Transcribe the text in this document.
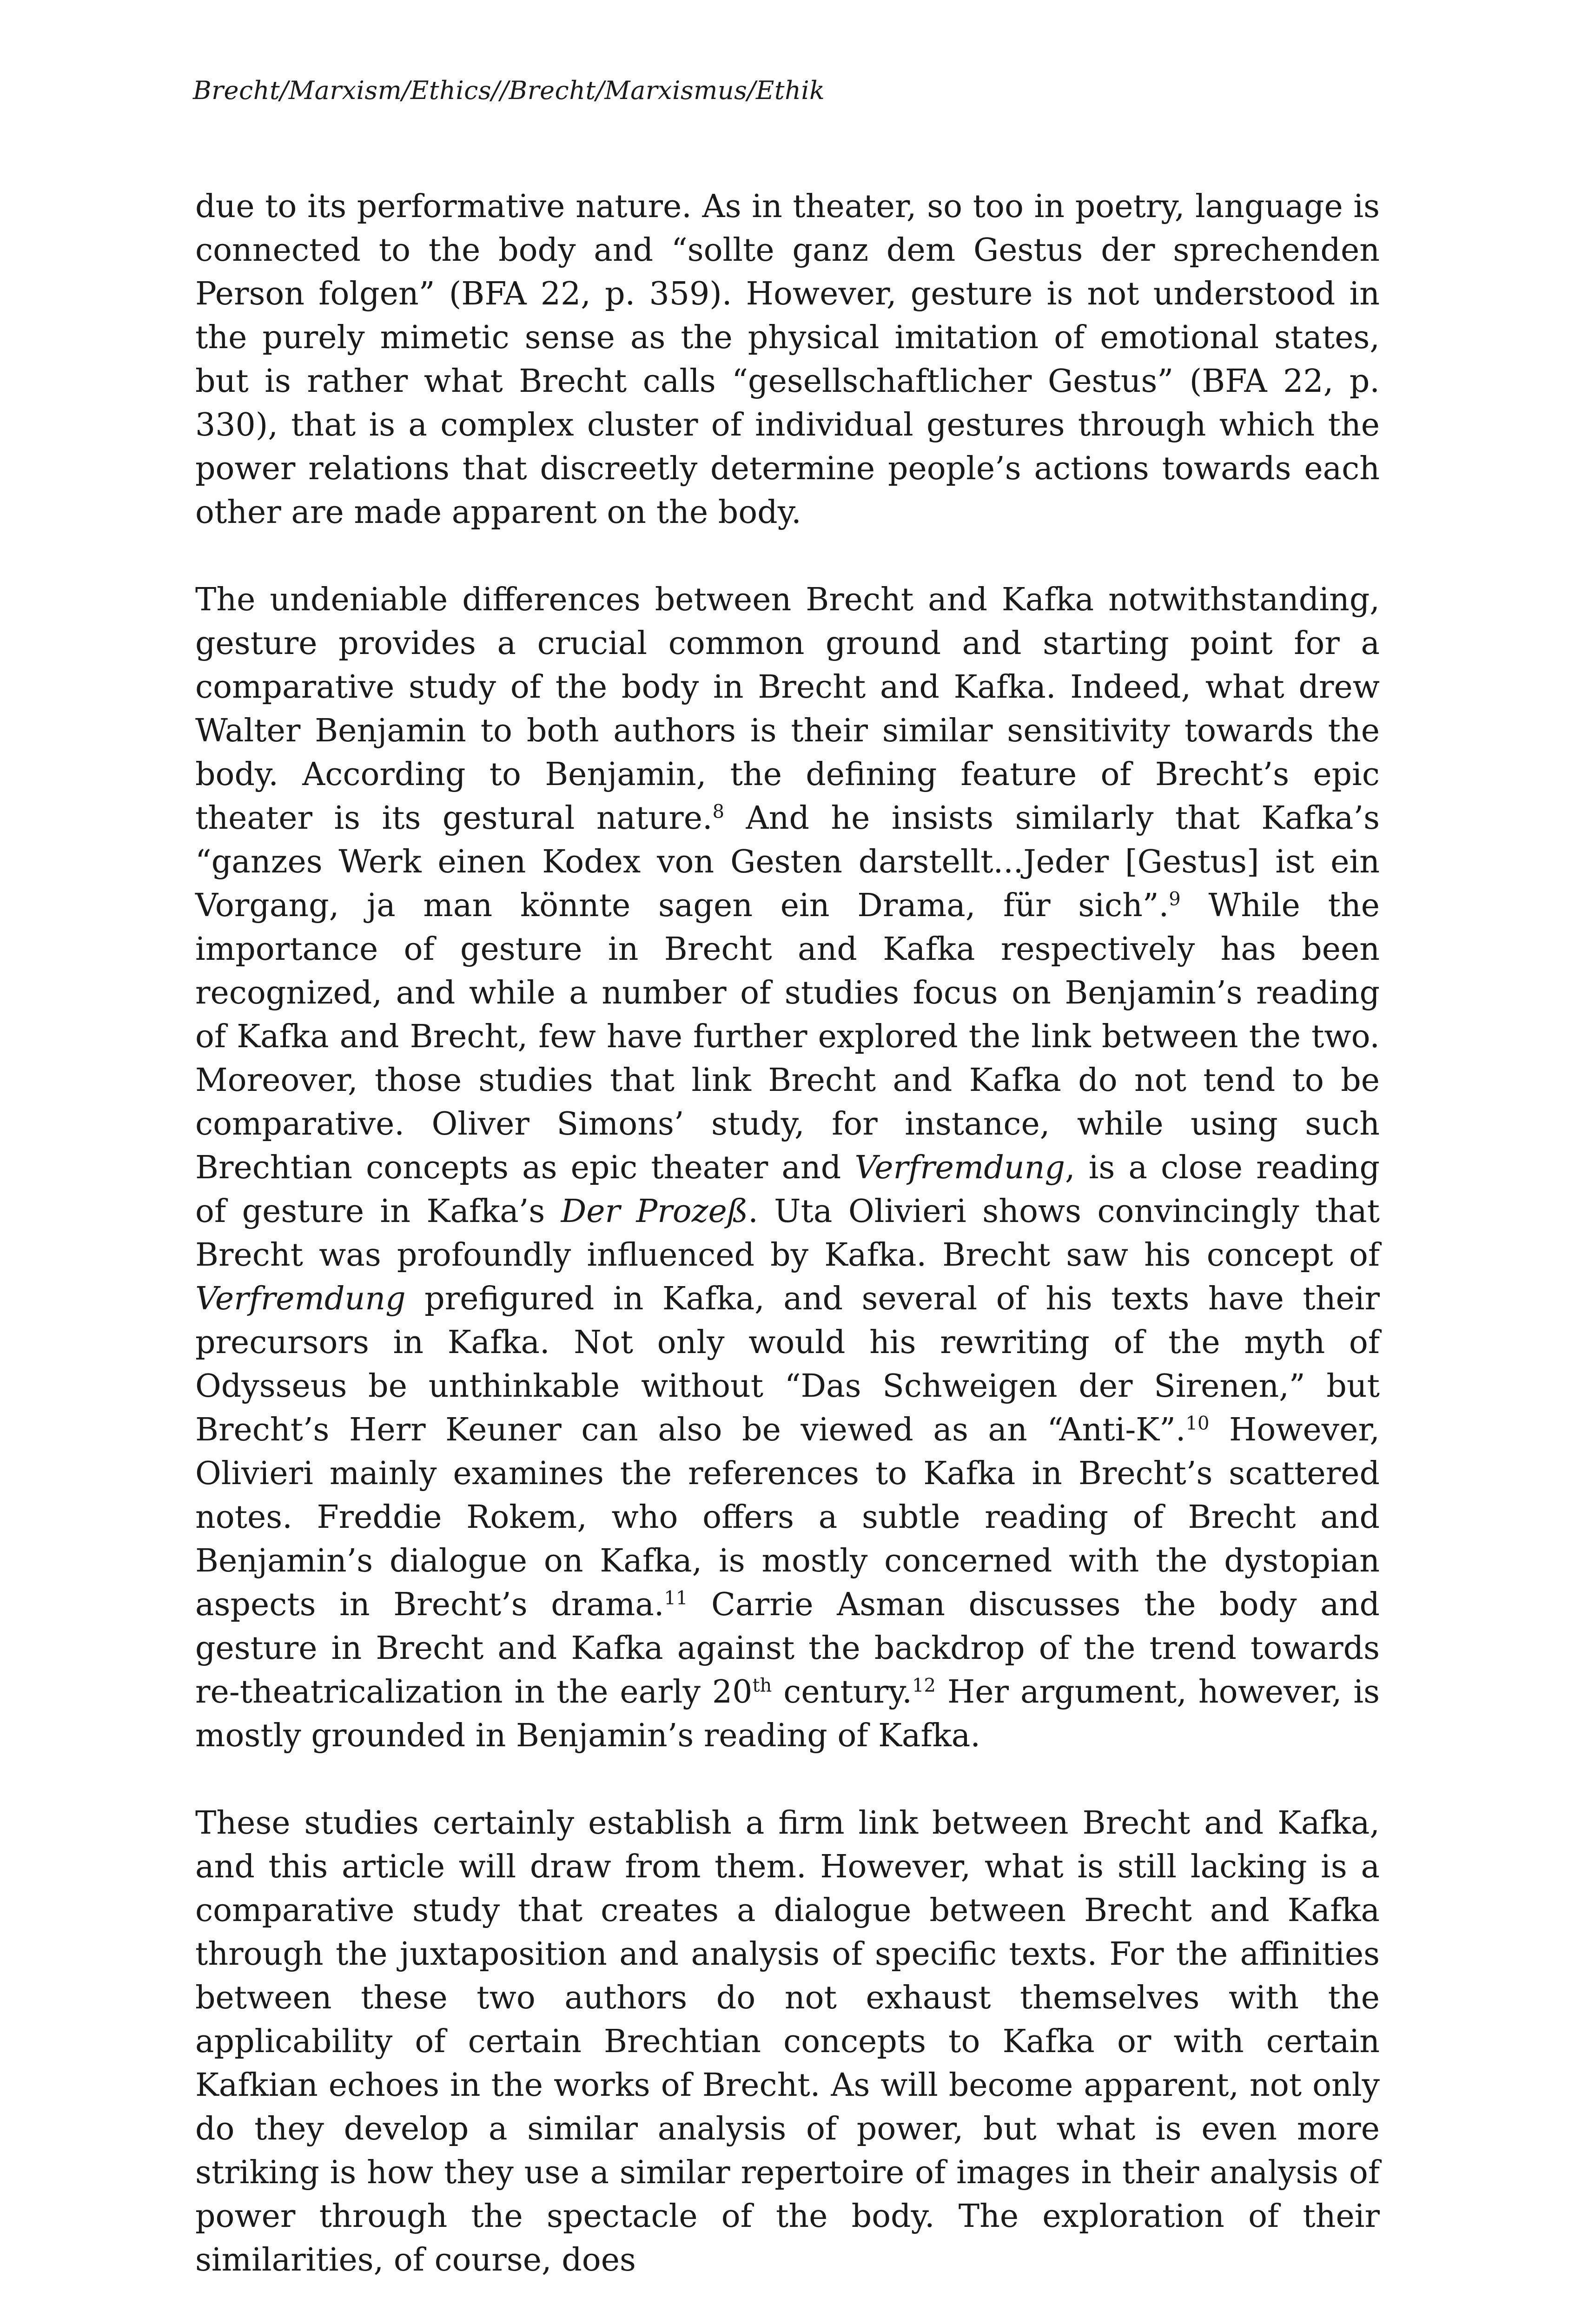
Brecht/Marxism/Ethics//Brecht/Marxismus/Ethik

due to its performative nature. As in theater, so too in poetry, language is connected to the body and “sollte ganz dem Gestus der sprechenden Person folgen” (BFA 22, p. 359). However, gesture is not understood in the purely mimetic sense as the physical imitation of emotional states, but is rather what Brecht calls “gesellschaftlicher Gestus” (BFA 22, p. 330), that is a complex cluster of individual gestures through which the power relations that discreetly determine people’s actions towards each other are made apparent on the body.

The undeniable differences between Brecht and Kafka notwithstanding, gesture provides a crucial common ground and starting point for a comparative study of the body in Brecht and Kafka. Indeed, what drew Walter Benjamin to both authors is their similar sensitivity towards the body. According to Benjamin, the defining feature of Brecht’s epic theater is its gestural nature.$^8$ And he insists similarly that Kafka’s “ganzes Werk einen Kodex von Gesten darstellt...Jeder [Gestus] ist ein Vorgang, ja man könnte sagen ein Drama, für sich”.$^9$ While the importance of gesture in Brecht and Kafka respectively has been recognized, and while a number of studies focus on Benjamin’s reading of Kafka and Brecht, few have further explored the link between the two. Moreover, those studies that link Brecht and Kafka do not tend to be comparative. Oliver Simons’ study, for instance, while using such Brechtian concepts as epic theater and Verfremdung, is a close reading of gesture in Kafka’s Der Prozeß. Uta Olivieri shows convincingly that Brecht was profoundly influenced by Kafka. Brecht saw his concept of Verfremdung prefigured in Kafka, and several of his texts have their precursors in Kafka. Not only would his rewriting of the myth of Odysseus be unthinkable without “Das Schweigen der Sirenen,” but Brecht’s Herr Keuner can also be viewed as an “Anti-K”.$^{10}$ However, Olivieri mainly examines the references to Kafka in Brecht’s scattered notes. Freddie Rokem, who offers a subtle reading of Brecht and Benjamin’s dialogue on Kafka, is mostly concerned with the dystopian aspects in Brecht’s drama.$^{11}$ Carrie Asman discusses the body and gesture in Brecht and Kafka against the backdrop of the trend towards re-theatricalization in the early 20th century.$^{12}$ Her argument, however, is mostly grounded in Benjamin’s reading of Kafka.

These studies certainly establish a firm link between Brecht and Kafka, and this article will draw from them. However, what is still lacking is a comparative study that creates a dialogue between Brecht and Kafka through the juxtaposition and analysis of specific texts. For the affinities between these two authors do not exhaust themselves with the applicability of certain Brechtian concepts to Kafka or with certain Kafkian echoes in the works of Brecht. As will become apparent, not only do they develop a similar analysis of power, but what is even more striking is how they use a similar repertoire of images in their analysis of power through the spectacle of the body. The exploration of their similarities, of course, does
